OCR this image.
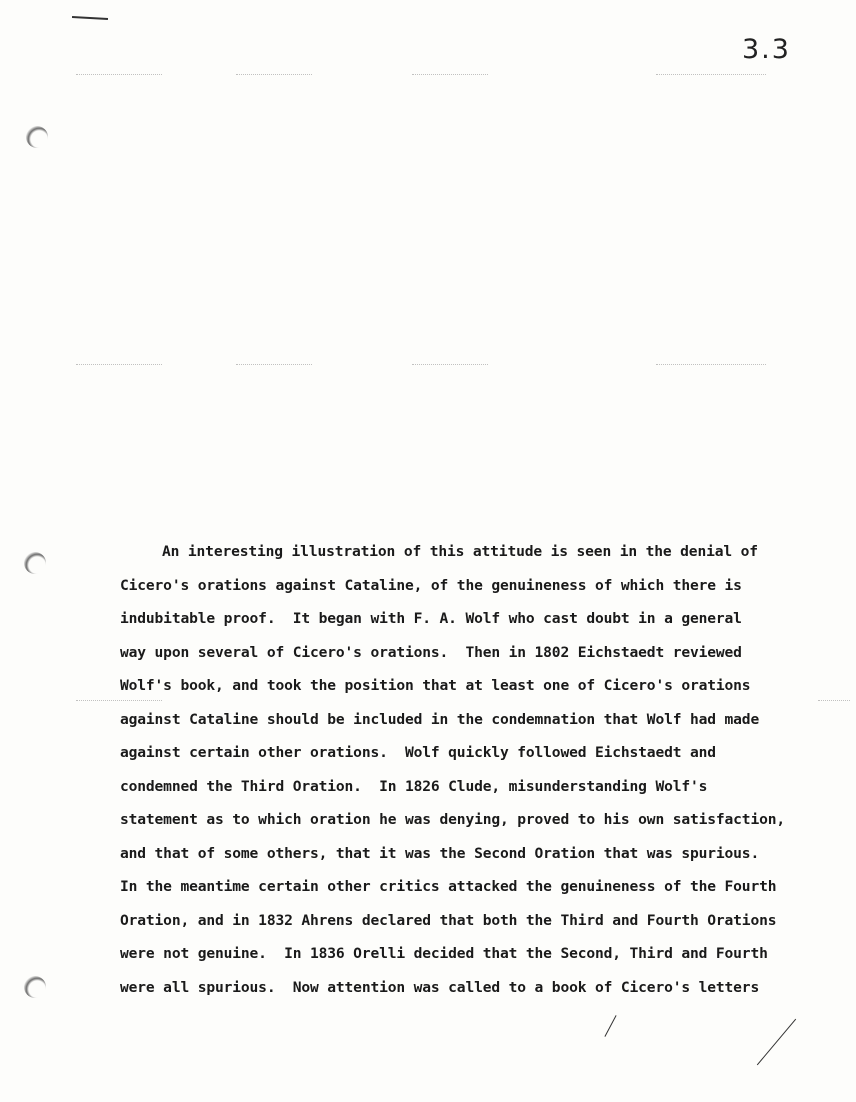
3.3
An interesting illustration of this attitude is seen in the denial of
Cicero's orations against Cataline, of the genuineness of which there is
indubitable proof.  It began with F. A. Wolf who cast doubt in a general
way upon several of Cicero's orations.  Then in 1802 Eichstaedt reviewed
Wolf's book, and took the position that at least one of Cicero's orations
against Cataline should be included in the condemnation that Wolf had made
against certain other orations.  Wolf quickly followed Eichstaedt and
condemned the Third Oration.  In 1826 Clude, misunderstanding Wolf's
statement as to which oration he was denying, proved to his own satisfaction,
and that of some others, that it was the Second Oration that was spurious.
In the meantime certain other critics attacked the genuineness of the Fourth
Oration, and in 1832 Ahrens declared that both the Third and Fourth Orations
were not genuine.  In 1836 Orelli decided that the Second, Third and Fourth
were all spurious.  Now attention was called to a book of Cicero's letters
